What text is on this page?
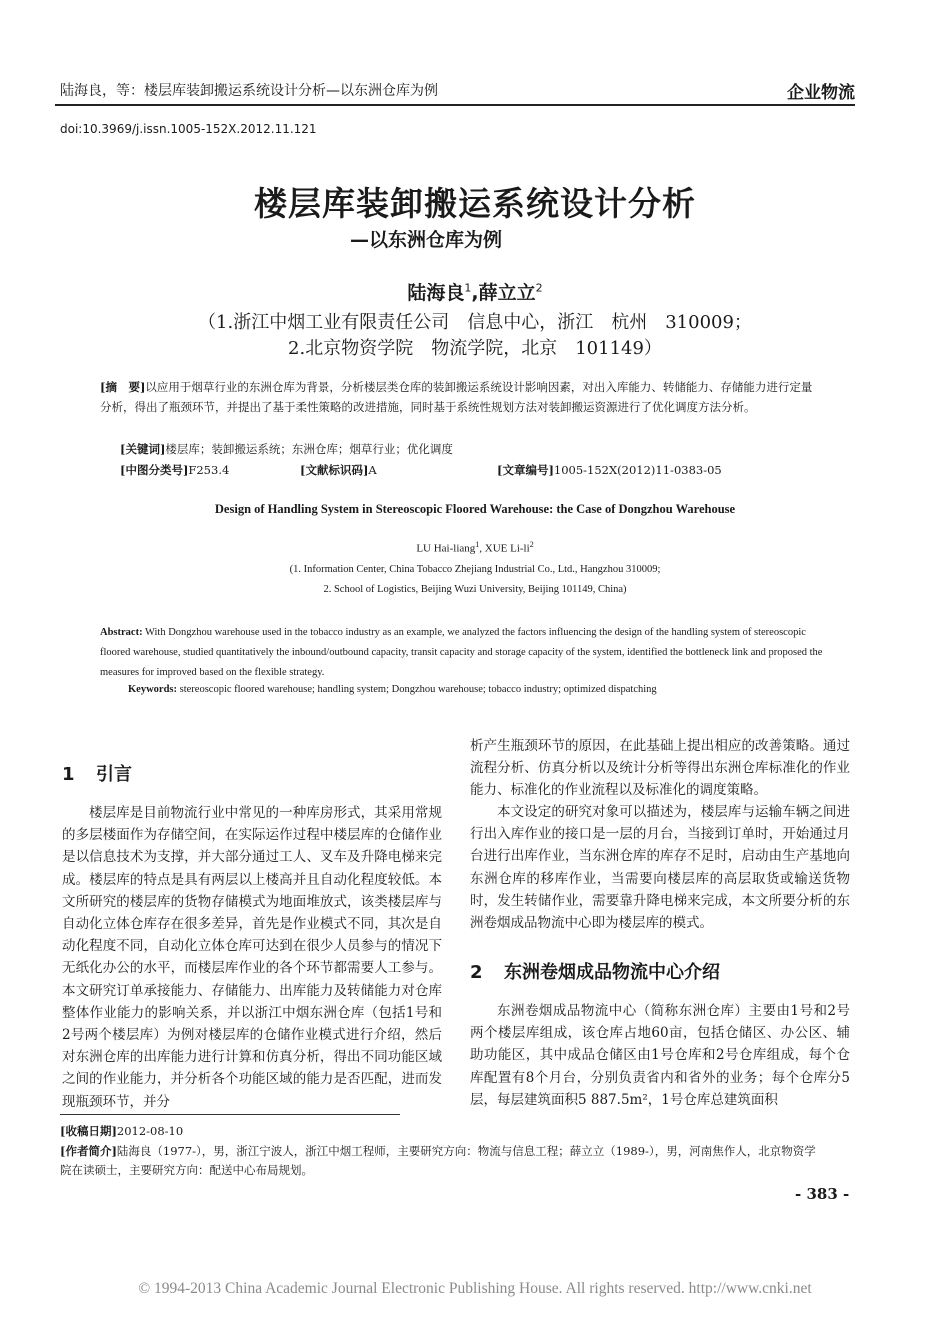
陆海良，等：楼层库装卸搬运系统设计分析—以东洲仓库为例	企业物流
doi:10.3969/j.issn.1005-152X.2012.11.121
楼层库装卸搬运系统设计分析
—以东洲仓库为例
陆海良$^1$,薛立立$^2$
（1.浙江中烟工业有限责任公司　信息中心，浙江　杭州　310009；
2.北京物资学院　物流学院，北京　101149）
[摘　要]以应用于烟草行业的东洲仓库为背景，分析楼层类仓库的装卸搬运系统设计影响因素，对出入库能力、转储能力、存储能力进行定量分析，得出了瓶颈环节，并提出了基于柔性策略的改进措施，同时基于系统性规划方法对装卸搬运资源进行了优化调度方法分析。
[关键词]楼层库；装卸搬运系统；东洲仓库；烟草行业；优化调度
[中图分类号]F253.4	[文献标识码]A	[文章编号]1005-152X(2012)11-0383-05
Design of Handling System in Stereoscopic Floored Warehouse: the Case of Dongzhou Warehouse
LU Hai-liang$^1$, XUE $Li-li^2$
(1. Information Center, China Tobacco Zhejiang Industrial Co., Ltd., Hangzhou 310009;
2. School of Logistics, Beijing Wuzi University, Beijing 101149, China)
Abstract: With Dongzhou warehouse used in the tobacco industry as an example, we analyzed the factors influencing the design of the handling system of stereoscopic floored warehouse, studied quantitatively the inbound/outbound capacity, transit capacity and storage capacity of the system, identified the bottleneck link and proposed the measures for improved based on the flexible strategy.
Keywords: stereoscopic floored warehouse; handling system; Dongzhou warehouse; tobacco industry; optimized dispatching
1 引言
楼层库是目前物流行业中常见的一种库房形式，其采用常规的多层楼面作为存储空间，在实际运作过程中楼层库的仓储作业是以信息技术为支撑，并大部分通过工人、叉车及升降电梯来完成。楼层库的特点是具有两层以上楼高并且自动化程度较低。本文所研究的楼层库的货物存储模式为地面堆放式，该类楼层库与自动化立体仓库存在很多差异，首先是作业模式不同，其次是自动化程度不同，自动化立体仓库可达到在很少人员参与的情况下无纸化办公的水平，而楼层库作业的各个环节都需要人工参与。本文研究订单承接能力、存储能力、出库能力及转储能力对仓库整体作业能力的影响关系，并以浙江中烟东洲仓库（包括1号和2号两个楼层库）为例对楼层库的仓储作业模式进行介绍，然后对东洲仓库的出库能力进行计算和仿真分析，得出不同功能区域之间的作业能力，并分析各个功能区域的能力是否匹配，进而发现瓶颈环节，并分
析产生瓶颈环节的原因，在此基础上提出相应的改善策略。通过流程分析、仿真分析以及统计分析等得出东洲仓库标准化的作业能力、标准化的作业流程以及标准化的调度策略。
本文设定的研究对象可以描述为，楼层库与运输车辆之间进行出入库作业的接口是一层的月台，当接到订单时，开始通过月台进行出库作业，当东洲仓库的库存不足时，启动由生产基地向东洲仓库的移库作业，当需要向楼层库的高层取货或输送货物时，发生转储作业，需要靠升降电梯来完成，本文所要分析的东洲卷烟成品物流中心即为楼层库的模式。
2 东洲卷烟成品物流中心介绍
东洲卷烟成品物流中心（简称东洲仓库）主要由1号和2号两个楼层库组成，该仓库占地60亩，包括仓储区、办公区、辅助功能区，其中成品仓储区由1号仓库和2号仓库组成，每个仓库配置有8个月台，分别负责省内和省外的业务；每个仓库分5层，每层建筑面积5 887.5m²，1号仓库总建筑面积
[收稿日期]2012-08-10
[作者简介]陆海良（1977-），男，浙江宁波人，浙江中烟工程师，主要研究方向：物流与信息工程；薛立立（1989-），男，河南焦作人，北京物资学院在读硕士，主要研究方向：配送中心布局规划。
- 383 -
© 1994-2013 China Academic Journal Electronic Publishing House. All rights reserved. http://www.cnki.net
